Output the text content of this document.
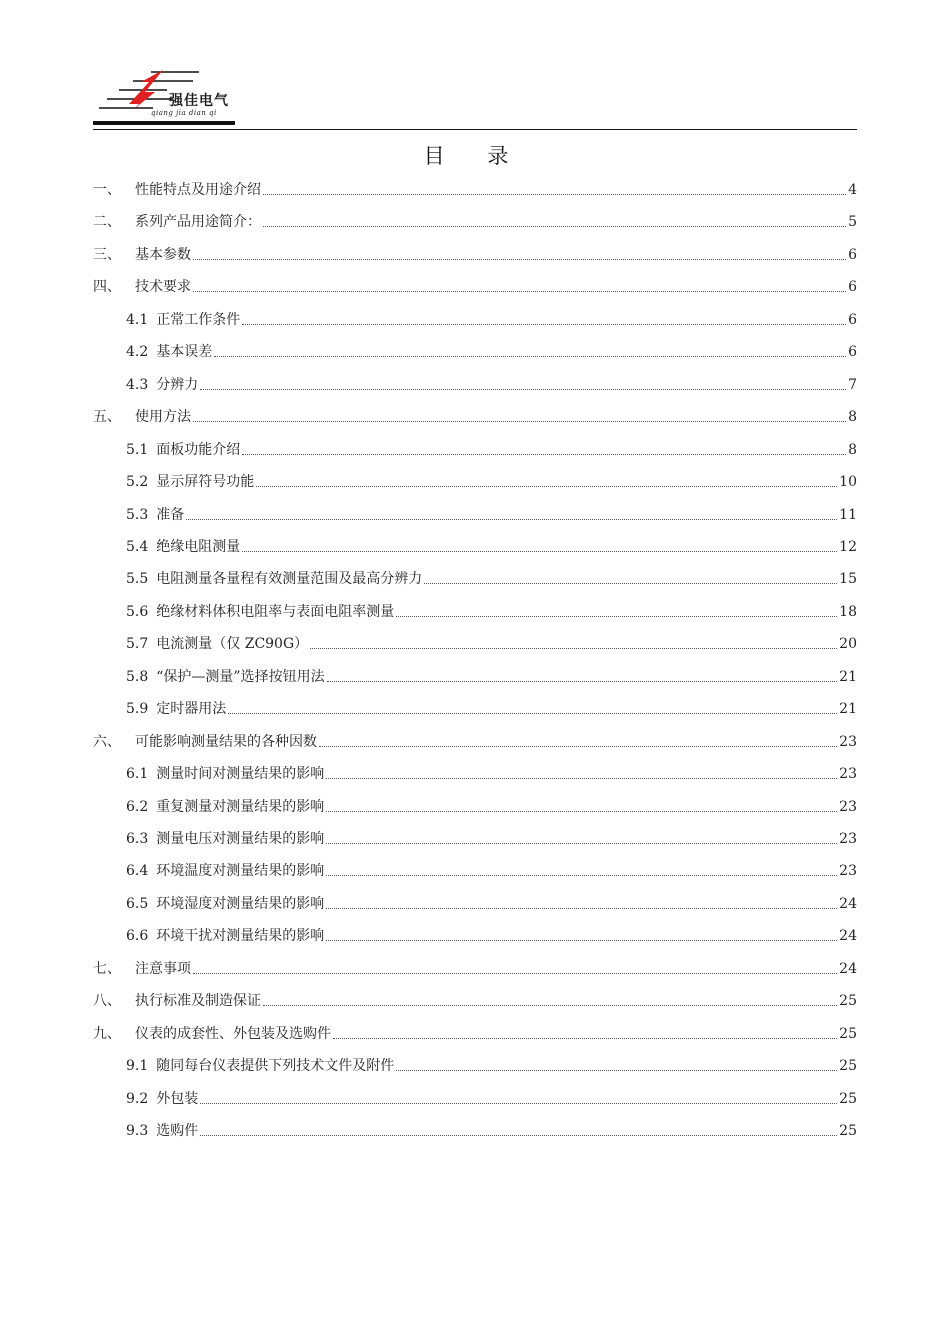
强佳电气
qiang jia dian qi
目 录
一、	性能特点及用途介绍	4
二、	系列产品用途简介：	5
三、	基本参数	6
四、	技术要求	6
4.1 正常工作条件	6
4.2 基本误差	6
4.3 分辨力	7
五、	使用方法	8
5.1 面板功能介绍	8
5.2 显示屏符号功能	10
5.3 准备	11
5.4 绝缘电阻测量	12
5.5 电阻测量各量程有效测量范围及最高分辨力	15
5.6 绝缘材料体积电阻率与表面电阻率测量	18
5.7 电流测量（仅 ZC90G）	20
5.8 “保护—测量”选择按钮用法	21
5.9 定时器用法	21
六、	可能影响测量结果的各种因数	23
6.1 测量时间对测量结果的影响	23
6.2 重复测量对测量结果的影响	23
6.3 测量电压对测量结果的影响	23
6.4 环境温度对测量结果的影响	23
6.5 环境湿度对测量结果的影响	24
6.6 环境干扰对测量结果的影响	24
七、	注意事项	24
八、	执行标准及制造保证	25
九、	仪表的成套性、外包装及选购件	25
9.1 随同每台仪表提供下列技术文件及附件	25
9.2 外包装	25
9.3 选购件	25
